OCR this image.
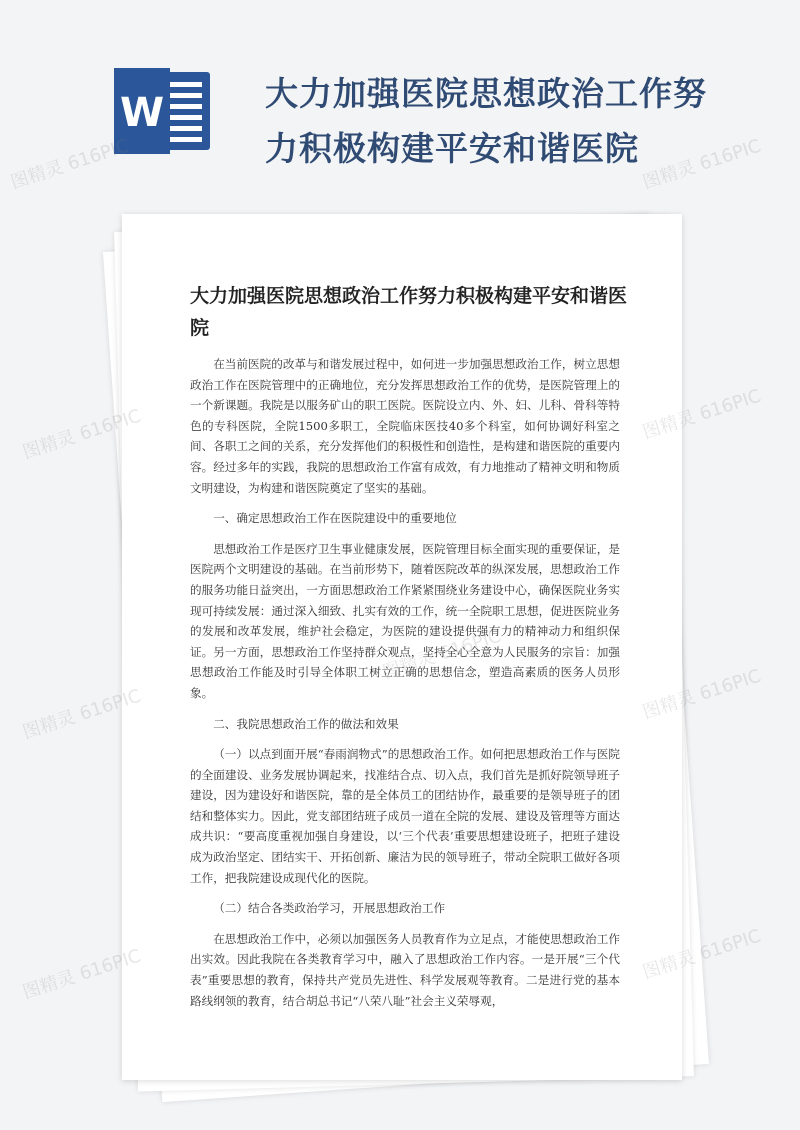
W	大力加强医院思想政治工作努
力积极构建平安和谐医院
大力加强医院思想政治工作努力积极构建平安和谐医院

在当前医院的改革与和谐发展过程中，如何进一步加强思想政治工作，树立思想政治工作在医院管理中的正确地位，充分发挥思想政治工作的优势，是医院管理上的一个新课题。我院是以服务矿山的职工医院。医院设立内、外、妇、儿科、骨科等特色的专科医院，全院1500多职工，全院临床医技40多个科室，如何协调好科室之间、各职工之间的关系，充分发挥他们的积极性和创造性，是构建和谐医院的重要内容。经过多年的实践，我院的思想政治工作富有成效，有力地推动了精神文明和物质文明建设，为构建和谐医院奠定了坚实的基础。

一、确定思想政治工作在医院建设中的重要地位

思想政治工作是医疗卫生事业健康发展，医院管理目标全面实现的重要保证，是医院两个文明建设的基础。在当前形势下，随着医院改革的纵深发展，思想政治工作的服务功能日益突出，一方面思想政治工作紧紧围绕业务建设中心，确保医院业务实现可持续发展：通过深入细致、扎实有效的工作，统一全院职工思想，促进医院业务的发展和改革发展，维护社会稳定，为医院的建设提供强有力的精神动力和组织保证。另一方面，思想政治工作坚持群众观点，坚持全心全意为人民服务的宗旨：加强思想政治工作能及时引导全体职工树立正确的思想信念，塑造高素质的医务人员形象。

二、我院思想政治工作的做法和效果

（一）以点到面开展“春雨润物式”的思想政治工作。如何把思想政治工作与医院的全面建设、业务发展协调起来，找准结合点、切入点，我们首先是抓好院领导班子建设，因为建设好和谐医院，靠的是全体员工的团结协作，最重要的是领导班子的团结和整体实力。因此，党支部团结班子成员一道在全院的发展、建设及管理等方面达成共识：“要高度重视加强自身建设，以‘三个代表’重要思想建设班子，把班子建设成为政治坚定、团结实干、开拓创新、廉洁为民的领导班子，带动全院职工做好各项工作，把我院建设成现代化的医院。

（二）结合各类政治学习，开展思想政治工作

在思想政治工作中，必须以加强医务人员教育作为立足点，才能使思想政治工作出实效。因此我院在各类教育学习中，融入了思想政治工作内容。一是开展“三个代表”重要思想的教育，保持共产党员先进性、科学发展观等教育。二是进行党的基本路线纲领的教育，结合胡总书记“八荣八耻”社会主义荣辱观，

图精灵 616PIC	图精灵 616PIC
图精灵 616PIC	图精灵 616PIC
图精灵 616PIC	图精灵 616PIC
图精灵 616PIC	图精灵 616PIC
